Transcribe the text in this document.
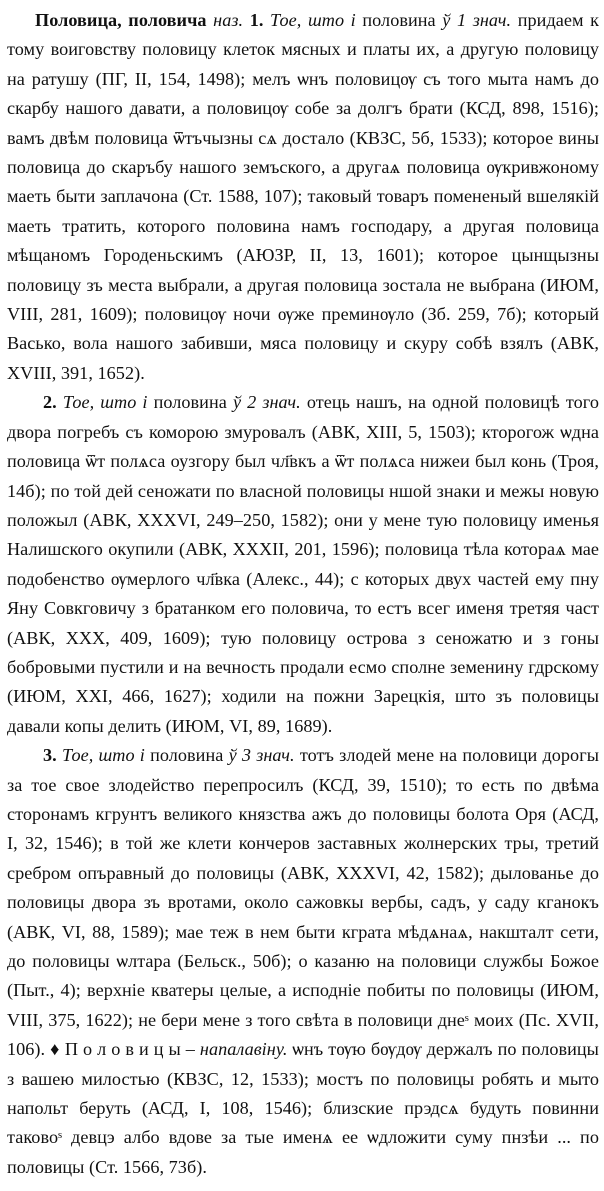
Половица, половича наз. 1. Тое, што і половина ў 1 знач. придаем к тому воиговству половицу клеток мясных и платы их, а другую половицу на ратушу (ПГ, II, 154, 1498); мелъ ѡнъ половицѹ съ того мыта намъ до скарбу нашого давати, а половицѹ собе за долгъ брати (КСД, 898, 1516); вамъ двѣм половица ѿтъчызны сѧ достало (КВЗС, 5б, 1533); которое вины половица до скаръбу нашого земъского, а другаѧ половица ѹкривжоному маеть быти заплачона (Ст. 1588, 107); таковый товаръ помененый вшелякій маеть тратить, которого половина намъ господару, а другая половица мѣщаномъ Городеньскимъ (АЮЗР, II, 13, 1601); которое цынщызны половицу зъ места выбрали, а другая половица зостала не выбрана (ИЮМ, VIII, 281, 1609); половицѹ ночи ѹже преминѹло (Зб. 259, 7б); который Васько, вола нашого забивши, мяса половицу и скуру собѣ взялъ (АВК, XVIII, 391, 1652).

2. Тое, што і половина ў 2 знач. отець нашъ, на одной половицѣ того двора погребъ съ коморою змуровалъ (АВК, XIII, 5, 1503); кторогож ѡдна половица ѿт полѧса оузгору был чл҃вкъ а ѿт полѧса нижеи был конь (Троя, 14б); по той дей сеножати по власной половицы ншой знаки и межы новую положыл (АВК, XXXVI, 249–250, 1582); они у мене тую половицу именья Налишского окупили (АВК, XXXII, 201, 1596); половица тѣла котораѧ мае подобенство ѹмерлого чл҃вка (Алекс., 44); с которых двух частей ему пну Яну Совкговичу з братанком его половича, то естъ всег именя третяя част (АВК, XXX, 409, 1609); тую половицу острова з сеножатю и з гоны бобровыми пустили и на вечность продали есмо сполне земенину гдрскому (ИЮМ, XXI, 466, 1627); ходили на пожни Зарецкія, што зъ половицы давали копы делить (ИЮМ, VI, 89, 1689).

3. Тое, што і половина ў 3 знач. тотъ злодей мене на половици дорогы за тое свое злодейство перепросилъ (КСД, 39, 1510); то есть по двѣма сторонамъ кгрунтъ великого князства ажъ до половицы болота Оря (АСД, I, 32, 1546); в той же клети кончеров заставных жолнерских тры, третий сребром опъравный до половицы (АВК, XXXVI, 42, 1582); дылованье до половицы двора зъ вротами, около сажовкы вербы, садъ, у саду кганокъ (АВК, VI, 88, 1589); мае теж в нем быти кграта мѣдѧнаѧ, накшталт сети, до половицы ѡлтара (Бельск., 50б); о казаню на половици службы Божое (Пыт., 4); верхніе кватеры целые, а исподніе побиты по половицы (ИЮМ, VIII, 375, 1622); не бери мене з того свѣта в половици днеˢ моих (Пс. XVII, 106). ♦ П о л о в и ц ы – напалавіну. ѡнъ тѹю бѹдѹ держалъ по половицы з вашею милостью (КВЗС, 12, 1533); мостъ по половицы робять и мыто напольт беруть (АСД, I, 108, 1546); близские прэдсѧ будуть повинни таковоˢ девцэ албо вдове за тые именѧ ее ѡдложити суму пнзѣи ... по половицы (Ст. 1566, 73б).
